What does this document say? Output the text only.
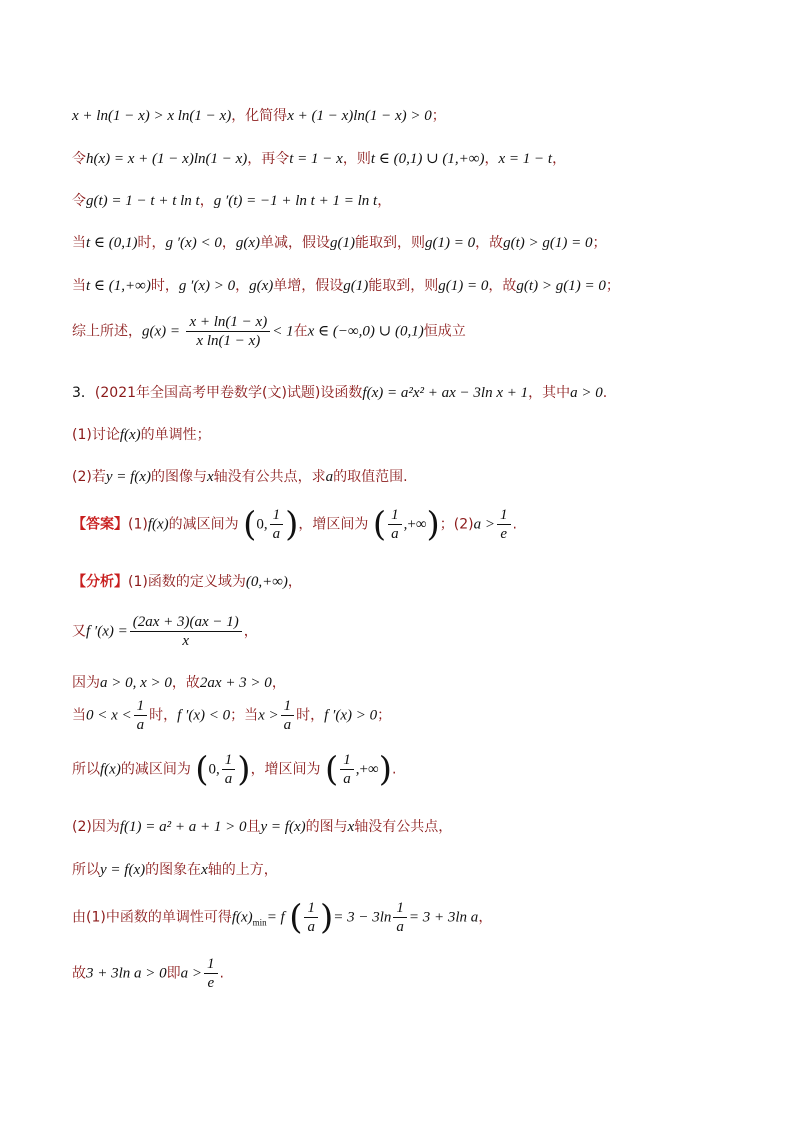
x + ln(1 − x) > x ln(1 − x)，化简得x + (1 − x)ln(1 − x) > 0；
令h(x) = x + (1 − x)ln(1 − x)，再令t = 1 − x，则t ∈ (0,1) ∪ (1,+∞)，x = 1 − t，
令g(t) = 1 − t + t ln t，g ′(t) = −1 + ln t + 1 = ln t，
当t ∈ (0,1)时，g ′(x) < 0，g(x)单减，假设g(1)能取到，则g(1) = 0，故g(t) > g(1) = 0；
当t ∈ (1,+∞)时，g ′(x) > 0，g(x)单增，假设g(1)能取到，则g(1) = 0，故g(t) > g(1) = 0；
综上所述，$g(x) = \frac{x + \ln(1 - x)}{\text{x ln(1 − x)}} < 1$在x ∈ (−∞,0) ∪ (0,1)恒成立
3．(2021年全国高考甲卷数学(文)试题)设函数f(x) = a²x² + ax − 3ln x + 1，其中a > 0.
(1)讨论f(x)的单调性；
(2)若y = f(x)的图像与x轴没有公共点，求a的取值范围.
【答案】(1)f(x)的减区间为 (0, $\frac{1}{a}$ )，增区间为 ( $\frac{1}{a}$ ,+∞)；$(2)a > \frac{1}{e}$ .
【分析】(1)函数的定义域为(0,+∞)，
又f $'(x) = \frac{(2ax + 3)(ax - 1)}{x}$ ，
因为a > 0, x > 0，故2ax + 3 > 0，
当$0 < x < \frac{1}{a}$ 时，f ′(x) < 0；当$x > \frac{1}{a}$ 时，f ′(x) > 0；
所以f(x)的减区间为 (0, $\frac{1}{a}$ )，增区间为 ( $\frac{1}{a}$ ,+∞).
(2)因为f(1) = a² + a + 1 > 0且y = f(x)的图与x轴没有公共点，
所以y = f(x)的图象在x轴的上方，
由(1)中函数的单调性可得$f(x)_{min}= f$ ( $\frac{1}{a}$ )= $3 - 3\ln \frac{1}{a} = 3 + 3\ln$ a，
故3 + 3ln a > 0即$a > \frac{1}{e}$ .
